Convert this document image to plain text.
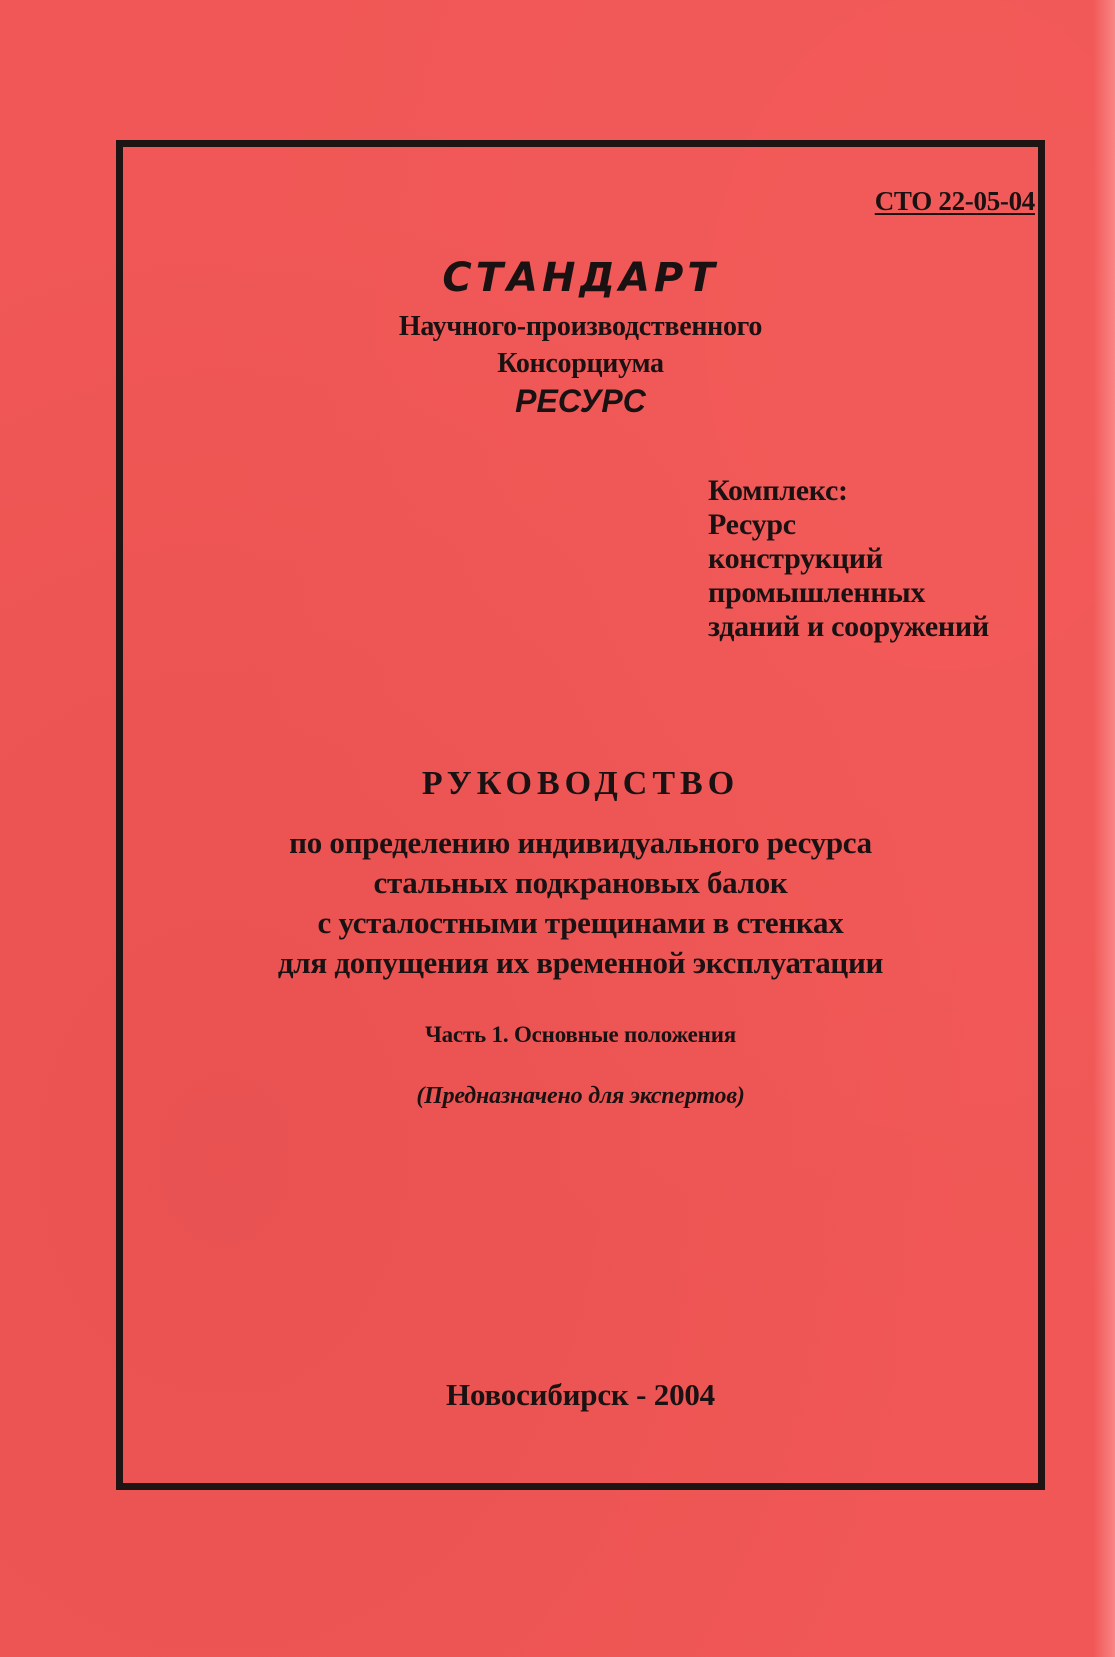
СТО 22-05-04
СТАНДАРТ
Научного-производственного
Консорциума
РЕСУРС
Комплекс:
Ресурс
конструкций
промышленных
зданий и сооружений
РУКОВОДСТВО
по определению индивидуального ресурса
стальных подкрановых балок
с усталостными трещинами в стенках
для допущения их временной эксплуатации
Часть 1. Основные положения
(Предназначено для экспертов)
Новосибирск - 2004
